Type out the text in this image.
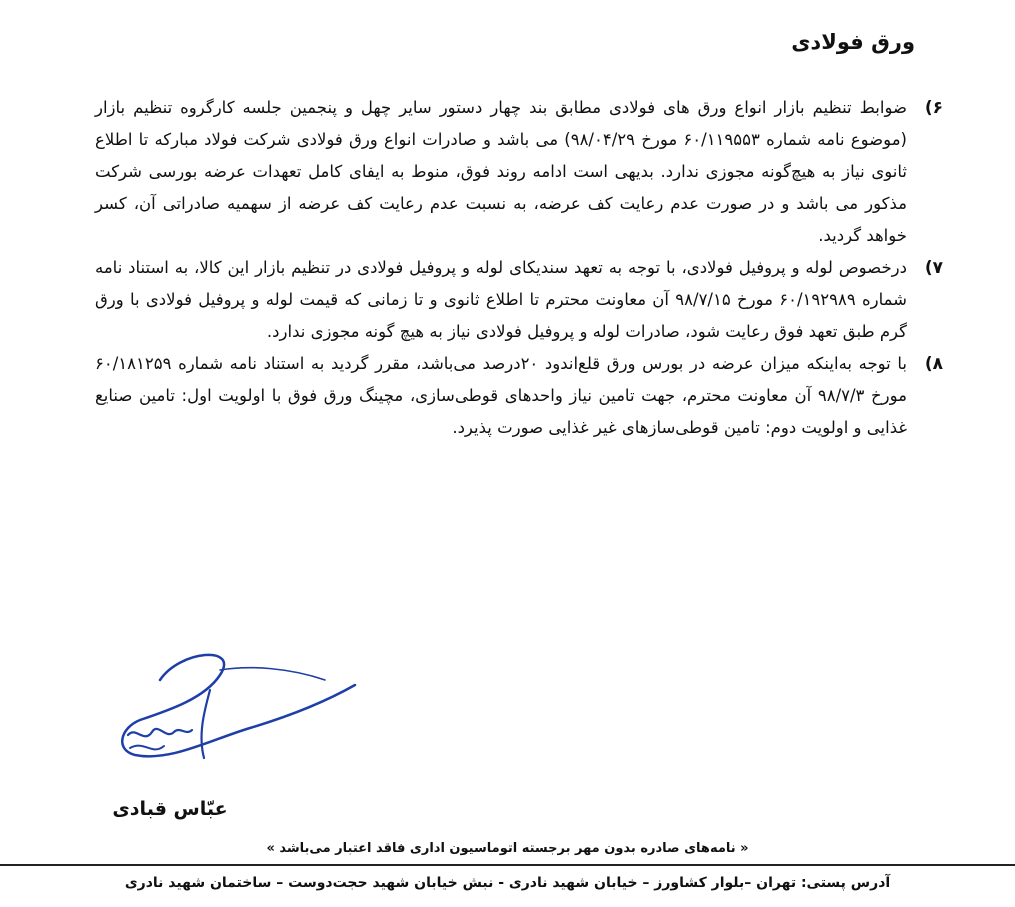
ورق فولادی
۶)
ضوابط تنظیم بازار انواع ورق های فولادی مطابق بند چهار دستور سایر چهل و پنجمین جلسه کارگروه تنظیم بازار (موضوع نامه شماره ۶۰/۱۱۹۵۵۳ مورخ ۹۸/۰۴/۲۹) می باشد و صادرات انواع ورق فولادی شرکت فولاد مبارکه تا اطلاع ثانوی نیاز به هیچ‌گونه مجوزی ندارد. بدیهی است ادامه روند فوق، منوط به ایفای کامل تعهدات عرضه بورسی شرکت مذکور می باشد و در صورت عدم رعایت کف عرضه، به نسبت عدم رعایت کف عرضه از سهمیه صادراتی آن، کسر خواهد گردید.
۷)
درخصوص لوله و پروفیل فولادی، با توجه به تعهد سندیکای لوله و پروفیل فولادی در تنظیم بازار این کالا، به استناد نامه شماره ۶۰/۱۹۲۹۸۹ مورخ ۹۸/۷/۱۵ آن معاونت محترم تا اطلاع ثانوی و تا زمانی که قیمت لوله و پروفیل فولادی با ورق گرم طبق تعهد فوق رعایت شود، صادرات لوله و پروفیل فولادی نیاز به هیچ گونه مجوزی ندارد.
۸)
با توجه به‌اینکه میزان عرضه در بورس ورق قلع‌اندود ۲۰درصد می‌باشد، مقرر گردید به استناد نامه شماره ۶۰/۱۸۱۲۵۹ مورخ ۹۸/۷/۳ آن معاونت محترم، جهت تامین نیاز واحدهای قوطی‌سازی، مچینگ ورق فوق با اولویت اول: تامین صنایع غذایی و اولویت دوم: تامین قوطی‌سازهای غیر غذایی صورت پذیرد.
عبّاس قبادی
« نامه‌های صادره بدون مهر برجسته اتوماسیون اداری فاقد اعتبار می‌باشد »
آدرس پستی: تهران –بلوار کشاورز – خیابان شهید نادری - نبش خیابان شهید حجت‌دوست – ساختمان شهید نادری
